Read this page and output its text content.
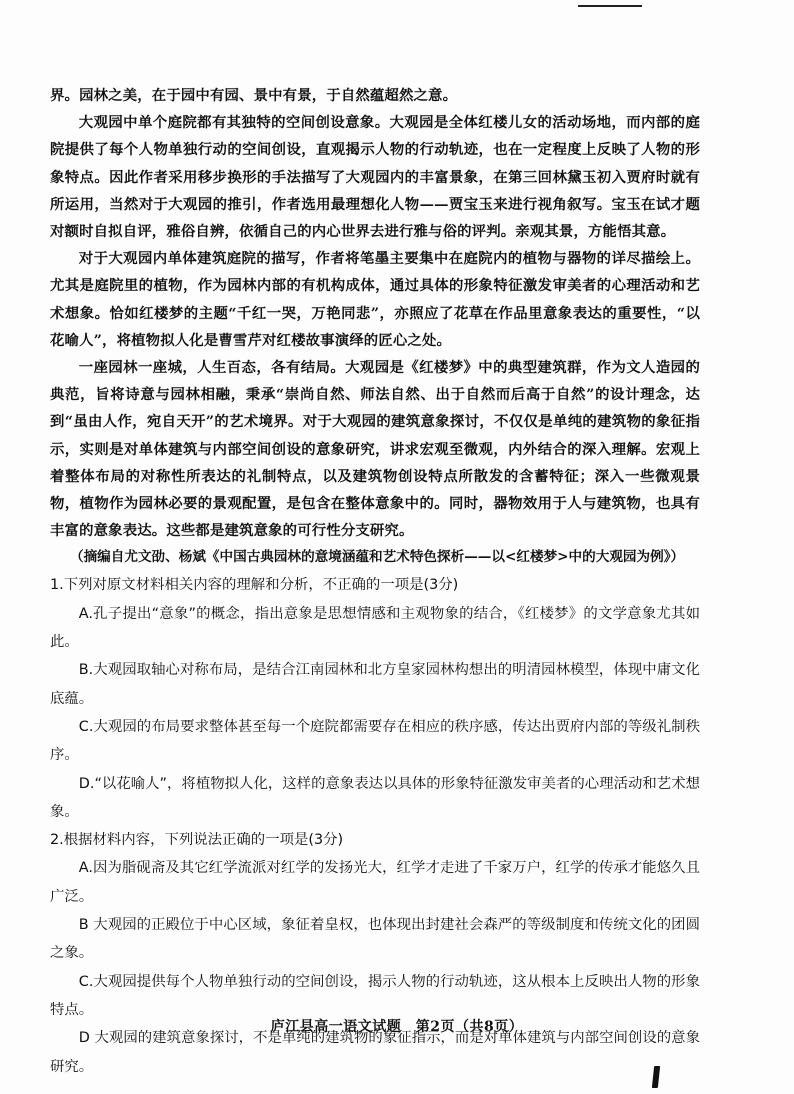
界。园林之美，在于园中有园、景中有景，于自然蕴超然之意。

大观园中单个庭院都有其独特的空间创设意象。大观园是全体红楼儿女的活动场地，而内部的庭院提供了每个人物单独行动的空间创设，直观揭示人物的行动轨迹，也在一定程度上反映了人物的形象特点。因此作者采用移步换形的手法描写了大观园内的丰富景象，在第三回林黛玉初入贾府时就有所运用，当然对于大观园的推引，作者选用最理想化人物——贾宝玉来进行视角叙写。宝玉在试才题对额时自拟自评，雅俗自辨，依循自己的内心世界去进行雅与俗的评判。亲观其景，方能悟其意。

对于大观园内单体建筑庭院的描写，作者将笔墨主要集中在庭院内的植物与器物的详尽描绘上。尤其是庭院里的植物，作为园林内部的有机构成体，通过具体的形象特征激发审美者的心理活动和艺术想象。恰如红楼梦的主题“千红一哭，万艳同悲”，亦照应了花草在作品里意象表达的重要性，“以花喻人”，将植物拟人化是曹雪芹对红楼故事演绎的匠心之处。

一座园林一座城，人生百态，各有结局。大观园是《红楼梦》中的典型建筑群，作为文人造园的典范，旨将诗意与园林相融，秉承“崇尚自然、师法自然、出于自然而后高于自然”的设计理念，达到“虽由人作，宛自天开”的艺术境界。对于大观园的建筑意象探讨，不仅仅是单纯的建筑物的象征指示，实则是对单体建筑与内部空间创设的意象研究，讲求宏观至微观，内外结合的深入理解。宏观上着整体布局的对称性所表达的礼制特点，以及建筑物创设特点所散发的含蓄特征；深入一些微观景物，植物作为园林必要的景观配置，是包含在整体意象中的。同时，器物效用于人与建筑物，也具有丰富的意象表达。这些都是建筑意象的可行性分支研究。

（摘编自尤文劭、杨斌《中国古典园林的意境涵蕴和艺术特色探析——以<红楼梦>中的大观园为例》）

1.下列对原文材料相关内容的理解和分析，不正确的一项是(3分)

A.孔子提出“意象”的概念，指出意象是思想情感和主观物象的结合，《红楼梦》的文学意象尤其如此。

B.大观园取轴心对称布局，是结合江南园林和北方皇家园林构想出的明清园林模型，体现中庸文化底蕴。

C.大观园的布局要求整体甚至每一个庭院都需要存在相应的秩序感，传达出贾府内部的等级礼制秩序。

D.“以花喻人”，将植物拟人化，这样的意象表达以具体的形象特征激发审美者的心理活动和艺术想象。

2.根据材料内容，下列说法正确的一项是(3分)

A.因为脂砚斋及其它红学流派对红学的发扬光大，红学才走进了千家万户，红学的传承才能悠久且广泛。

B 大观园的正殿位于中心区域，象征着皇权，也体现出封建社会森严的等级制度和传统文化的团圆之象。

C.大观园提供每个人物单独行动的空间创设，揭示人物的行动轨迹，这从根本上反映出人物的形象特点。

D 大观园的建筑意象探讨，不是单纯的建筑物的象征指示，而是对单体建筑与内部空间创设的意象研究。

庐江县高一语文试题　第2页（共8页）
